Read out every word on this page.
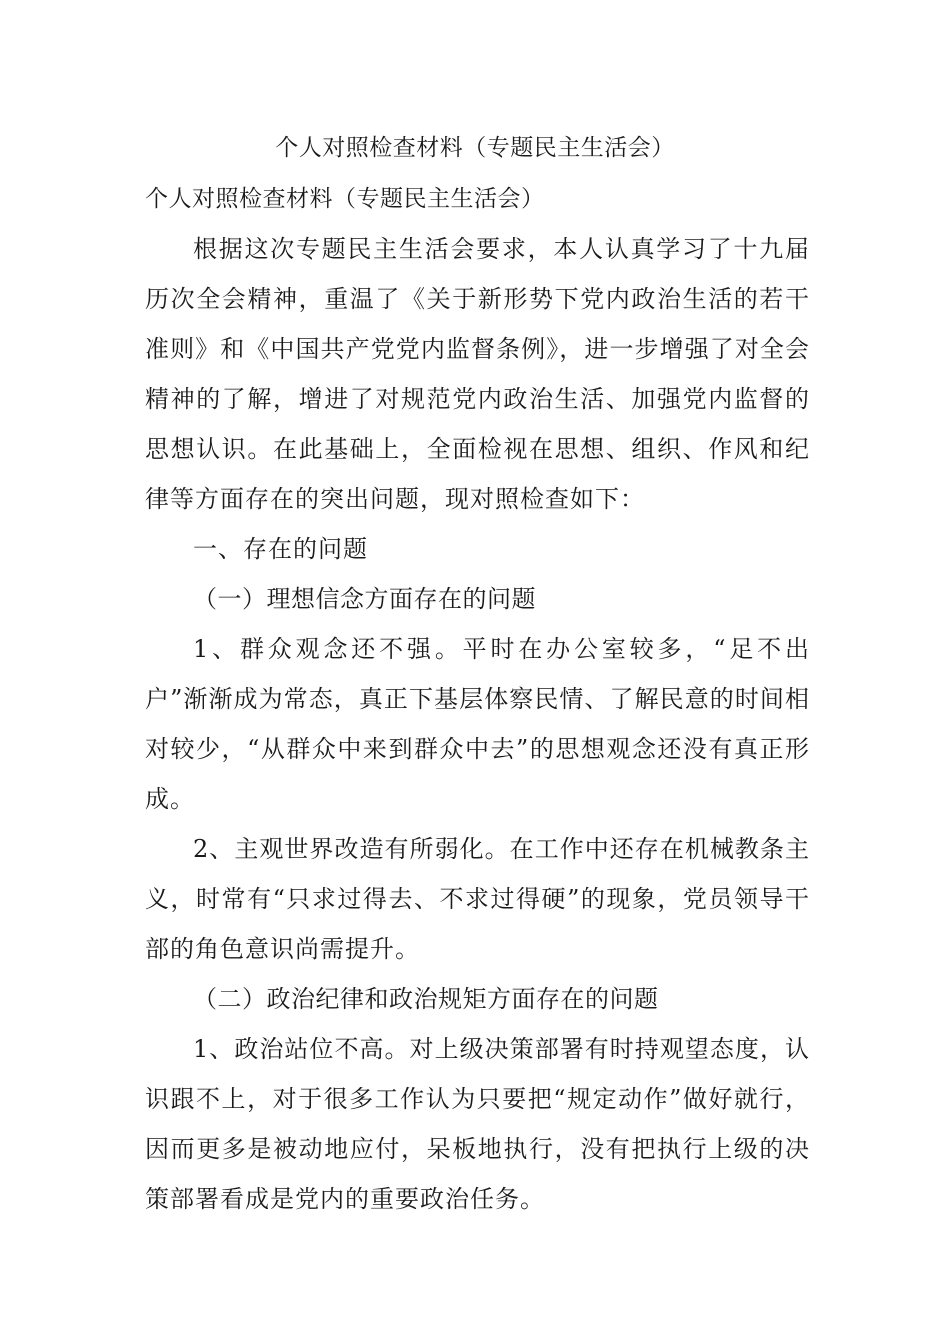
个人对照检查材料（专题民主生活会）

个人对照检查材料（专题民主生活会）

根据这次专题民主生活会要求，本人认真学习了十九届历次全会精神，重温了《关于新形势下党内政治生活的若干准则》和《中国共产党党内监督条例》，进一步增强了对全会精神的了解，增进了对规范党内政治生活、加强党内监督的思想认识。在此基础上，全面检视在思想、组织、作风和纪律等方面存在的突出问题，现对照检查如下：

一、存在的问题

（一）理想信念方面存在的问题

1、群众观念还不强。平时在办公室较多，“足不出户”渐渐成为常态，真正下基层体察民情、了解民意的时间相对较少，“从群众中来到群众中去”的思想观念还没有真正形成。

2、主观世界改造有所弱化。在工作中还存在机械教条主义，时常有“只求过得去、不求过得硬”的现象，党员领导干部的角色意识尚需提升。

（二）政治纪律和政治规矩方面存在的问题

1、政治站位不高。对上级决策部署有时持观望态度，认识跟不上，对于很多工作认为只要把“规定动作”做好就行，因而更多是被动地应付，呆板地执行，没有把执行上级的决策部署看成是党内的重要政治任务。
